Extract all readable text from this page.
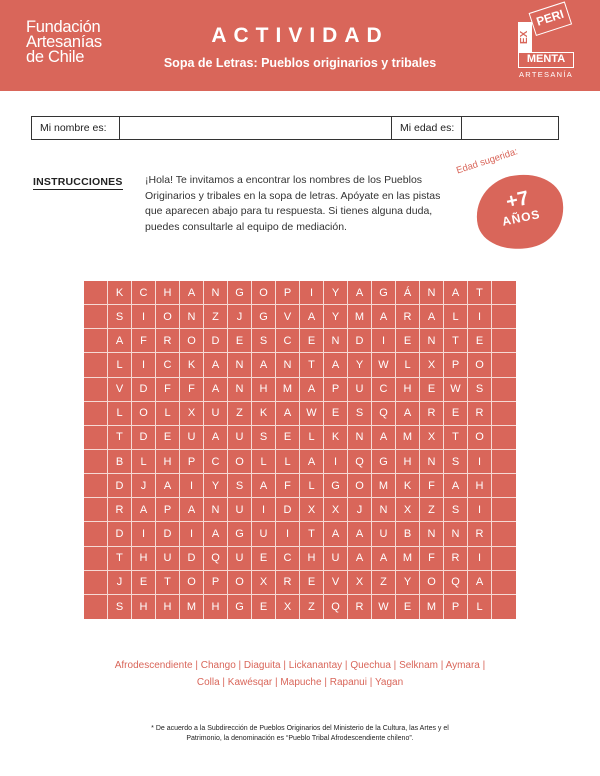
Fundación
Artesanías
de Chile
ACTIVIDAD
Sopa de Letras: Pueblos originarios y tribales
PERI
EX
MENTA
ARTESANÍA
Mi nombre es:	Mi edad es:
INSTRUCCIONES ¡Hola! Te invitamos a encontrar los nombres de los Pueblos Originarios y tribales en la sopa de letras. Apóyate en las pistas que aparecen abajo para tu respuesta. Si tienes alguna duda, puedes consultarle al equipo de mediación.
Edad sugerida:
+7
AÑOS
K	C	H	A	N	G	O	P	I	Y	A	G	Á	N	A	T
S	I	O	N	Z	J	G	V	A	Y	M	A	R	A	L	I
A	F	R	O	D	E	S	C	E	N	D	I	E	N	T	E
L	I	C	K	A	N	A	N	T	A	Y	W	L	X	P	O
V	D	F	F	A	N	H	M	A	P	U	C	H	E	W	S
L	O	L	X	U	Z	K	A	W	E	S	Q	A	R	E	R
T	D	E	U	A	U	S	E	L	K	N	A	M	X	T	O
B	L	H	P	C	O	L	L	A	I	Q	G	H	N	S	I
D	J	A	I	Y	S	A	F	L	G	O	M	K	F	A	H
R	A	P	A	N	U	I	D	X	X	J	N	X	Z	S	I
D	I	D	I	A	G	U	I	T	A	A	U	B	N	N	R
T	H	U	D	Q	U	E	C	H	U	A	A	M	F	R	I
J	E	T	O	P	O	X	R	E	V	X	Z	Y	O	Q	A
S	H	H	M	H	G	E	X	Z	Q	R	W	E	M	P	L
Afrodescendiente | Chango | Diaguita | Lickanantay | Quechua | Selknam | Aymara |
Colla | Kawésqar | Mapuche | Rapanui | Yagan
* De acuerdo a la Subdirección de Pueblos Originarios del Ministerio de la Cultura, las Artes y el Patrimonio, la denominación es “Pueblo Tribal Afrodescendiente chileno”.
